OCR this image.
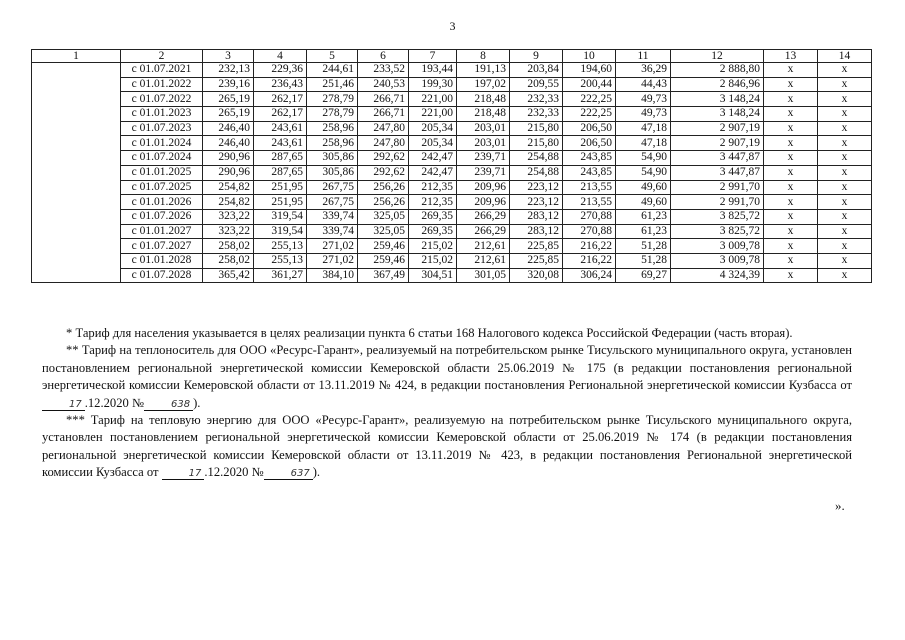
3
1	2	3	4	5	6	7	8	9	10	11	12	13	14
	с 01.07.2021	232,13	229,36	244,61	233,52	193,44	191,13	203,84	194,60	36,29	2 888,80	х	х
	с 01.01.2022	239,16	236,43	251,46	240,53	199,30	197,02	209,55	200,44	44,43	2 846,96	х	х
	с 01.07.2022	265,19	262,17	278,79	266,71	221,00	218,48	232,33	222,25	49,73	3 148,24	х	х
	с 01.01.2023	265,19	262,17	278,79	266,71	221,00	218,48	232,33	222,25	49,73	3 148,24	х	х
	с 01.07.2023	246,40	243,61	258,96	247,80	205,34	203,01	215,80	206,50	47,18	2 907,19	х	х
	с 01.01.2024	246,40	243,61	258,96	247,80	205,34	203,01	215,80	206,50	47,18	2 907,19	х	х
	с 01.07.2024	290,96	287,65	305,86	292,62	242,47	239,71	254,88	243,85	54,90	3 447,87	х	х
	с 01.01.2025	290,96	287,65	305,86	292,62	242,47	239,71	254,88	243,85	54,90	3 447,87	х	х
	с 01.07.2025	254,82	251,95	267,75	256,26	212,35	209,96	223,12	213,55	49,60	2 991,70	х	х
	с 01.01.2026	254,82	251,95	267,75	256,26	212,35	209,96	223,12	213,55	49,60	2 991,70	х	х
	с 01.07.2026	323,22	319,54	339,74	325,05	269,35	266,29	283,12	270,88	61,23	3 825,72	х	х
	с 01.01.2027	323,22	319,54	339,74	325,05	269,35	266,29	283,12	270,88	61,23	3 825,72	х	х
	с 01.07.2027	258,02	255,13	271,02	259,46	215,02	212,61	225,85	216,22	51,28	3 009,78	х	х
	с 01.01.2028	258,02	255,13	271,02	259,46	215,02	212,61	225,85	216,22	51,28	3 009,78	х	х
	с 01.07.2028	365,42	361,27	384,10	367,49	304,51	301,05	320,08	306,24	69,27	4 324,39	х	х

* Тариф для населения указывается в целях реализации пункта 6 статьи 168 Налогового кодекса Российской Федерации (часть вторая).

** Тариф на теплоноситель для ООО «Ресурс-Гарант», реализуемый на потребительском рынке Тисульского муниципального округа, установлен постановлением региональной энергетической комиссии Кемеровской области 25.06.2019 № 175 (в редакции постановления региональной энергетической комиссии Кемеровской области от 13.11.2019 № 424, в редакции постановления Региональной энергетической комиссии Кузбасса от 17 .12.2020 №	638 ).

*** Тариф на тепловую энергию для ООО «Ресурс-Гарант», реализуемую на потребительском рынке Тисульского муниципального округа, установлен постановлением региональной энергетической комиссии Кемеровской области от 25.06.2019 № 174 (в редакции постановления региональной энергетической комиссии Кемеровской области от 13.11.2019 № 423, в редакции постановления Региональной энергетической комиссии Кузбасса от	17 .12.2020 №	637 ).

».
